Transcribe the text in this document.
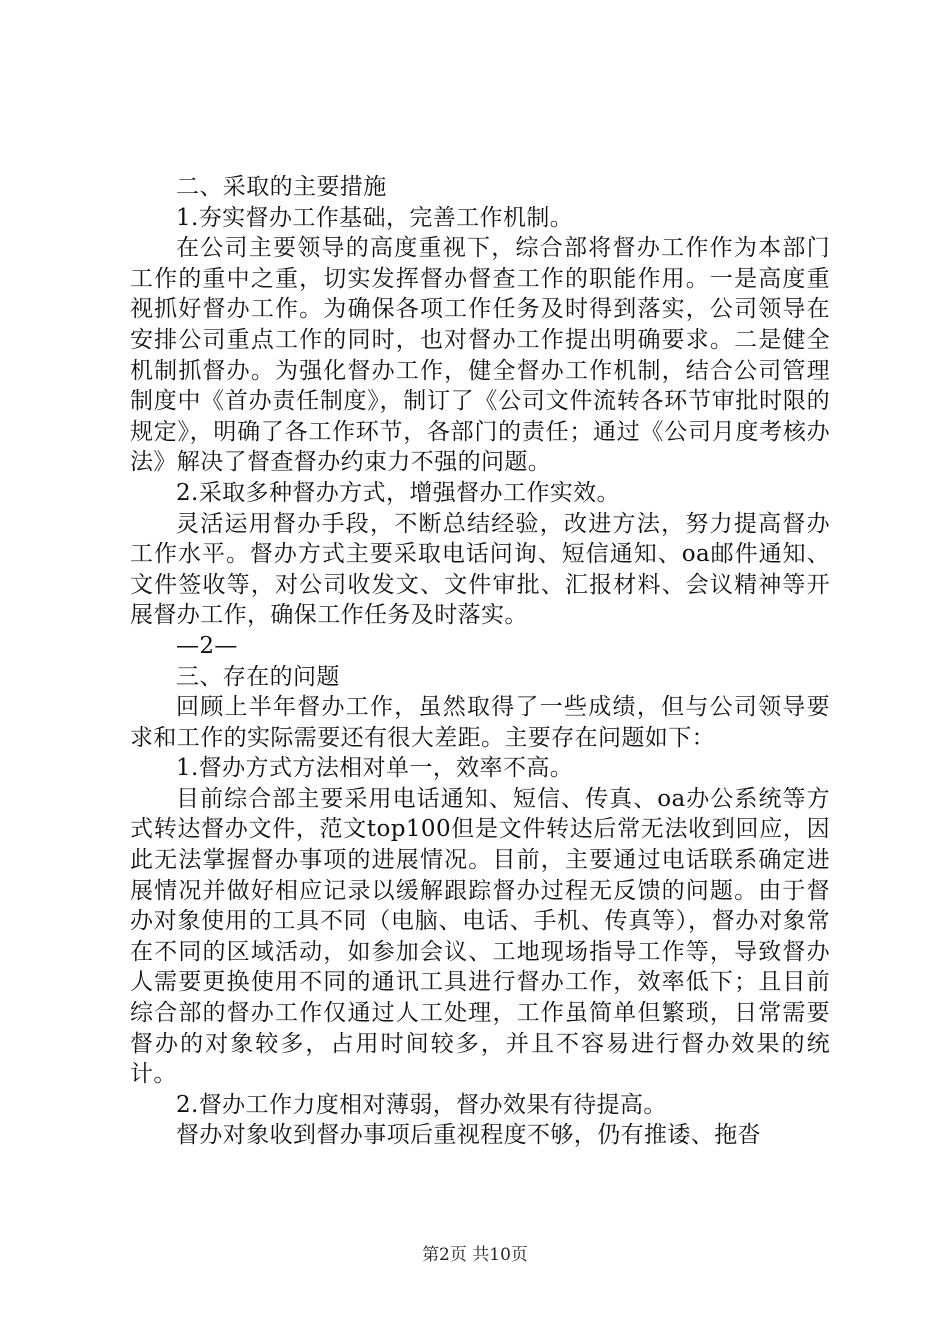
二、采取的主要措施

1.夯实督办工作基础，完善工作机制。

在公司主要领导的高度重视下，综合部将督办工作作为本部门工作的重中之重，切实发挥督办督查工作的职能作用。一是高度重视抓好督办工作。为确保各项工作任务及时得到落实，公司领导在安排公司重点工作的同时，也对督办工作提出明确要求。二是健全机制抓督办。为强化督办工作，健全督办工作机制，结合公司管理制度中《首办责任制度》，制订了《公司文件流转各环节审批时限的规定》，明确了各工作环节，各部门的责任；通过《公司月度考核办法》解决了督查督办约束力不强的问题。

2.采取多种督办方式，增强督办工作实效。

灵活运用督办手段，不断总结经验，改进方法，努力提高督办工作水平。督办方式主要采取电话问询、短信通知、oa邮件通知、文件签收等，对公司收发文、文件审批、汇报材料、会议精神等开展督办工作，确保工作任务及时落实。

—2—

三、存在的问题

回顾上半年督办工作，虽然取得了一些成绩，但与公司领导要求和工作的实际需要还有很大差距。主要存在问题如下：

1.督办方式方法相对单一，效率不高。

目前综合部主要采用电话通知、短信、传真、oa办公系统等方式转达督办文件，范文top100但是文件转达后常无法收到回应，因此无法掌握督办事项的进展情况。目前，主要通过电话联系确定进展情况并做好相应记录以缓解跟踪督办过程无反馈的问题。由于督办对象使用的工具不同（电脑、电话、手机、传真等），督办对象常在不同的区域活动，如参加会议、工地现场指导工作等，导致督办人需要更换使用不同的通讯工具进行督办工作，效率低下；且目前综合部的督办工作仅通过人工处理，工作虽简单但繁琐，日常需要督办的对象较多，占用时间较多，并且不容易进行督办效果的统计。

2.督办工作力度相对薄弱，督办效果有待提高。

督办对象收到督办事项后重视程度不够，仍有推诿、拖沓

第2页 共10页
